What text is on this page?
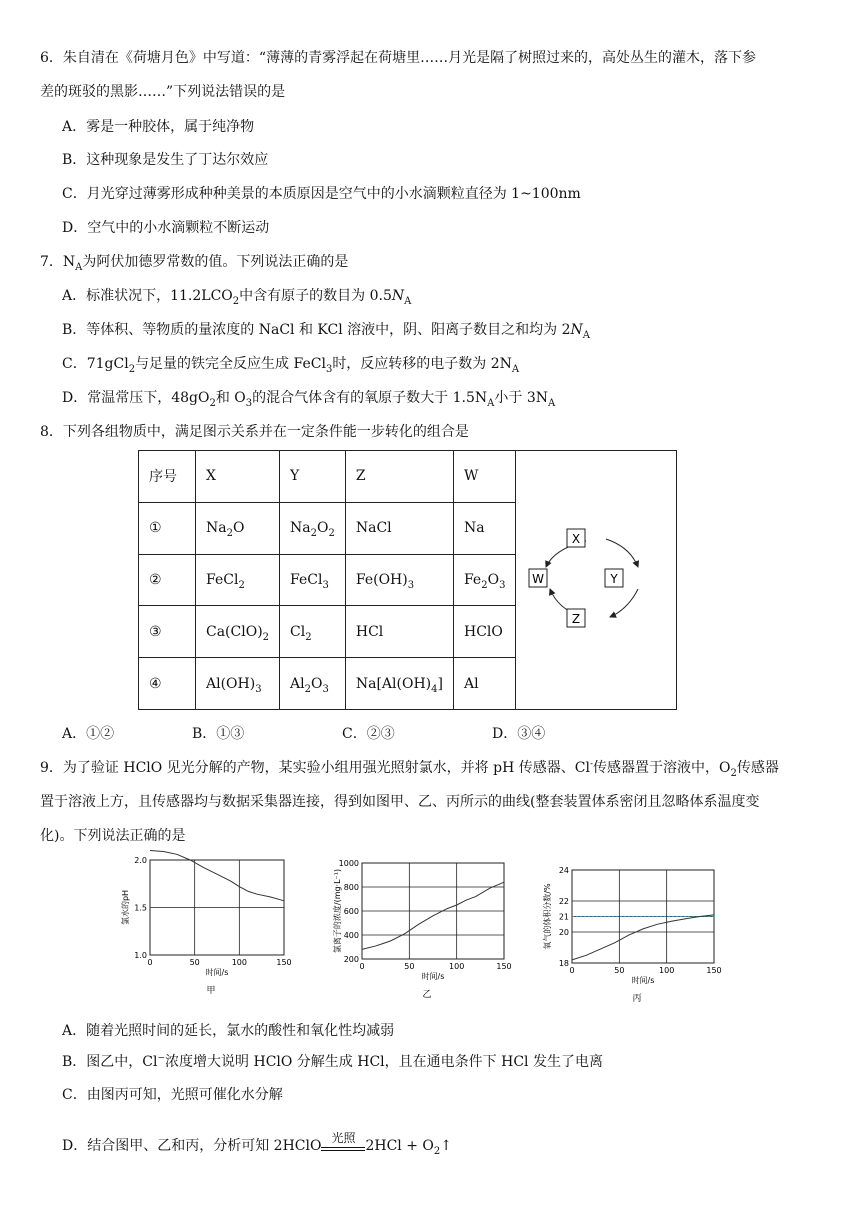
6．朱自清在《荷塘月色》中写道：“薄薄的青雾浮起在荷塘里……月光是隔了树照过来的，高处丛生的灌木，落下参
差的斑驳的黑影……”下列说法错误的是
A．雾是一种胶体，属于纯净物
B．这种现象是发生了丁达尔效应
C．月光穿过薄雾形成种种美景的本质原因是空气中的小水滴颗粒直径为 1~100nm
D．空气中的小水滴颗粒不断运动
7．$N_A$为阿伏加德罗常数的值。下列说法正确的是
A．标准状况下，$11.2LCO_2$中含有原子的数目为 $0.5N_A$
B．等体积、等物质的量浓度的 NaCl 和 KCl 溶液中，阴、阳离子数目之和均为 $2N_A$
C．71gCl$_2$与足量的铁完全反应生成 FeCl$_3$时，反应转移的电子数为 $2N_A$
D．常温常压下，$48gO_2$和 $O_3$的混合气体含有的氧原子数大于 $1.5N_A$小于 $3N_A$
8．下列各组物质中，满足图示关系并在一定条件能一步转化的组合是
序号	X	Y	Z	W	X
Y
Z
W

①	$Na_2O$	$Na_2O_2$	NaCl	Na	
②	FeCl$_2$	FeCl$_3$	$Fe(OH)_3$	$Fe_2O_3$
③	$Ca(ClO)_2$	$Cl_2$	HCl	HClO	
④	$Al(OH)_3$	$Al_2O_3$	$Na[Al(OH)_4]$	Al	
A．①②	B．①③	C．②③	D．③④
9．为了验证 HClO 见光分解的产物，某实验小组用强光照射氯水，并将 pH 传感器、Cl-传感器置于溶液中，$O_2$传感器
置于溶液上方，且传感器均与数据采集器连接，得到如图甲、乙、丙所示的曲线(整套装置体系密闭且忽略体系温度变
化)。下列说法正确的是
0	50	100	150
1.0
1.5
2.0
时间/s
氯水的pH
甲
0	50	100	150
200
400
600
800
1000
时间/s
氯离子的浓度/(mg·L⁻¹)
乙
0	50	100	150
18
20
21
22
24
时间/s
氧气的体积分数/%
丙
A．随着光照时间的延长，氯水的酸性和氧化性均减弱
B．图乙中，Cl−浓度增大说明 HClO 分解生成 HCl，且在通电条件下 HCl 发生了电离
C．由图丙可知，光照可催化水分解
D．结合图甲、乙和丙，分析可知 2HClO 光照 $2HCl + O_2↑$
